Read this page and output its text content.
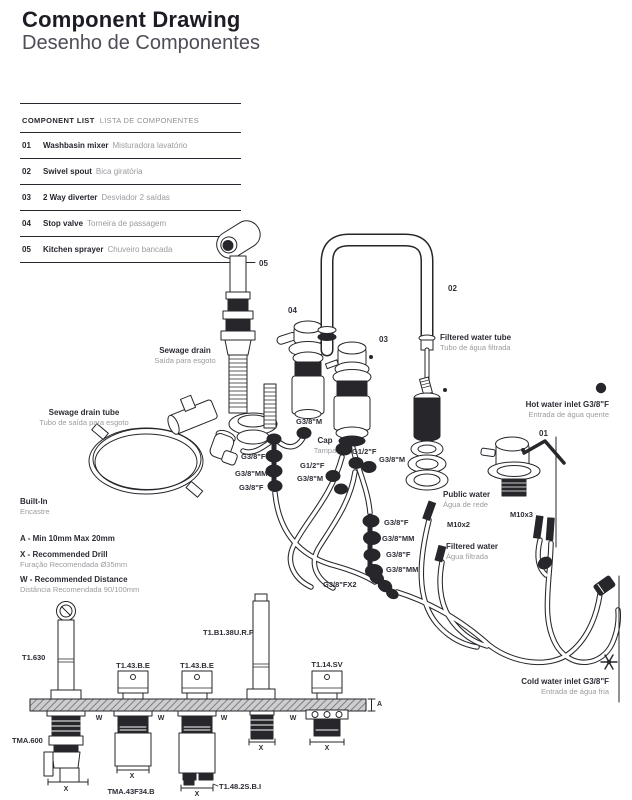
Component Drawing
Desenho de Componentes
COMPONENT LIST LISTA DE COMPONENTES
01	Washbasin mixer Misturadora lavatório
02	Swivel spout Bica giratória
03	2 Way diverter Desviador 2 saídas
04	Stop valve Torneira de passagem
05	Kitchen sprayer Chuveiro bancada
Sewage drain
Saída para esgoto
Sewage drain tube
Tubo de saída para esgoto
Filtered water tube
Tubo de água filtrada
Hot water inlet G3/8"F
Entrada de água quente
Cold water inlet G3/8"F
Entrada de água fria
Public water
Água de rede
Filtered water
Água filtrada
Built-In
Encastre
A - Min 10mm Max 20mm
X - Recommended Drill
Furação Recomendada Ø35mm
W - Recommended Distance
Distância Recomendada 90/100mm
Cap
Tampa
01
02
03
04
05
G3/8"M
G1/2"F
G3/8"M
G1/2"F
G3/8"M
G3/8"F
G3/8"MM
G3/8"F
G3/8"F
G3/8"MM
G3/8"F
G3/8"MM
G3/8"FX2
M10x2
M10x3
T1.630
T1.43.B.E	T1.43.B.E
T1.B1.38U.R.P
T1.14.SV
TMA.600
TMA.43F34.B
T1.48.2S.B.I
W	W	W	W
X
X
X
X	X
A
